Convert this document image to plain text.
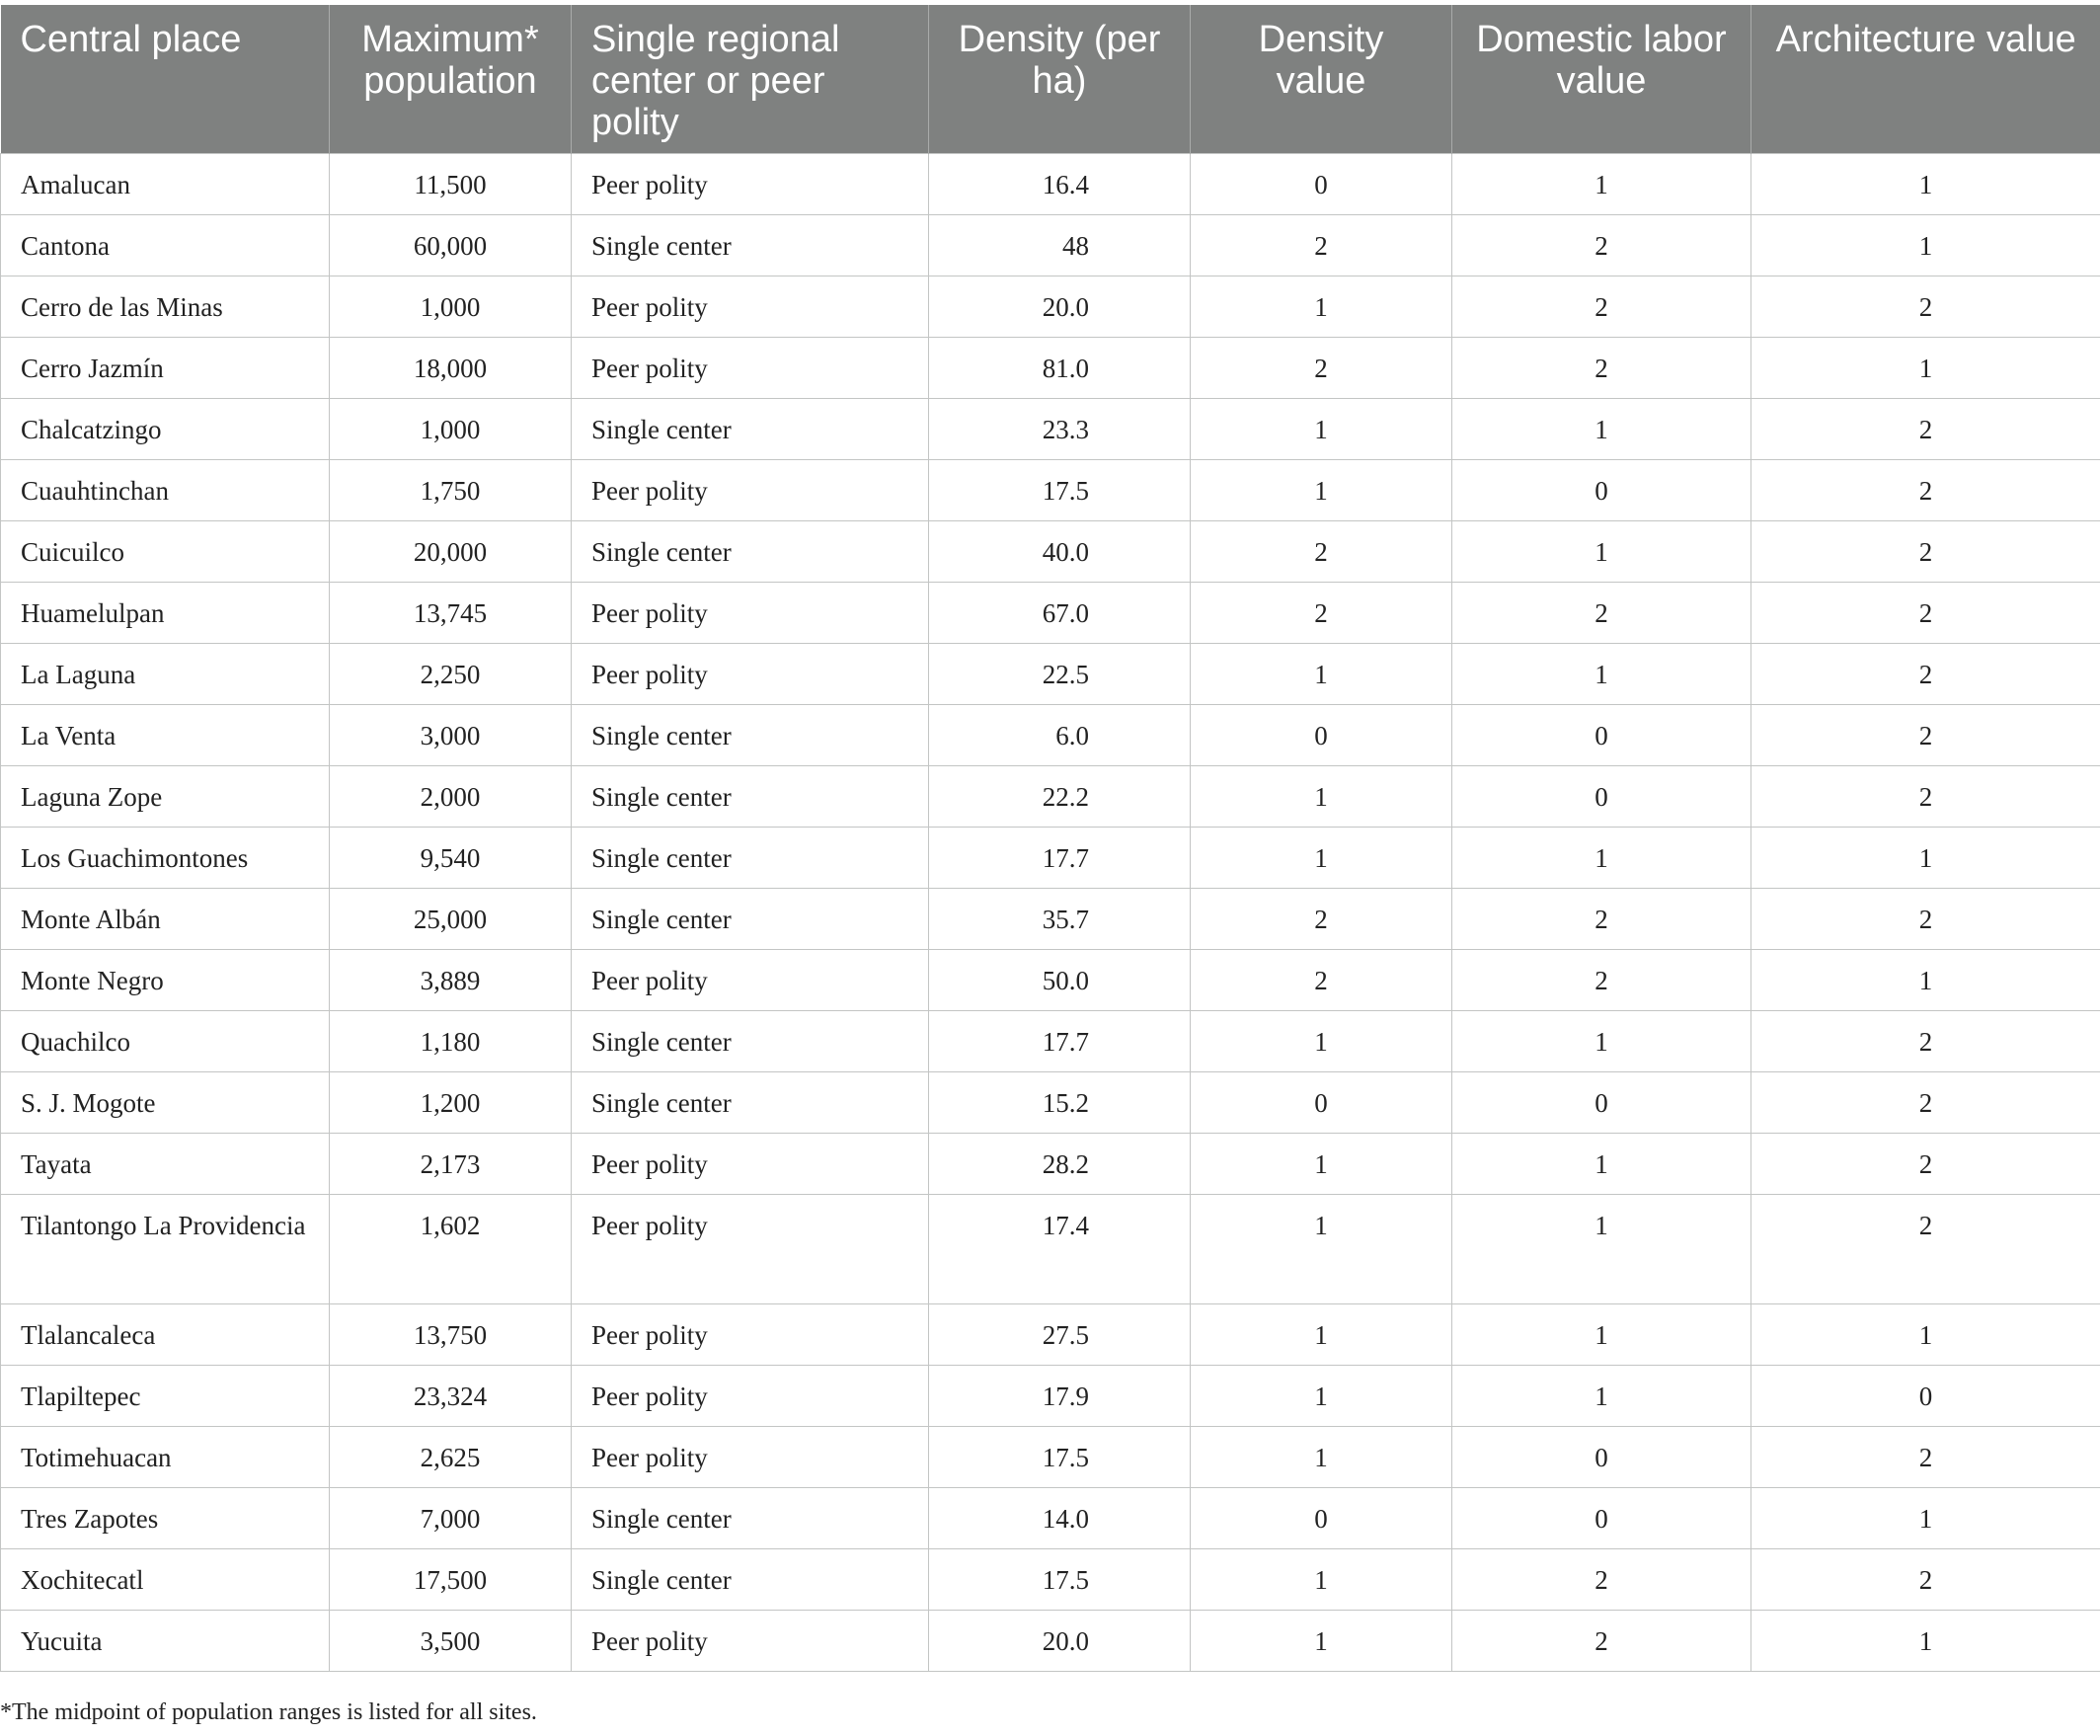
Central place	Maximum* population	Single regional center or peer polity	Density (per ha)	Density value	Domestic labor value	Architecture value
Amalucan	11,500	Peer polity	16.4	0	1	1
Cantona	60,000	Single center	48	2	2	1
Cerro de las Minas	1,000	Peer polity	20.0	1	2	2
Cerro Jazmín	18,000	Peer polity	81.0	2	2	1
Chalcatzingo	1,000	Single center	23.3	1	1	2
Cuauhtinchan	1,750	Peer polity	17.5	1	0	2
Cuicuilco	20,000	Single center	40.0	2	1	2
Huamelulpan	13,745	Peer polity	67.0	2	2	2
La Laguna	2,250	Peer polity	22.5	1	1	2
La Venta	3,000	Single center	6.0	0	0	2
Laguna Zope	2,000	Single center	22.2	1	0	2
Los Guachimontones	9,540	Single center	17.7	1	1	1
Monte Albán	25,000	Single center	35.7	2	2	2
Monte Negro	3,889	Peer polity	50.0	2	2	1
Quachilco	1,180	Single center	17.7	1	1	2
S. J. Mogote	1,200	Single center	15.2	0	0	2
Tayata	2,173	Peer polity	28.2	1	1	2
Tilantongo La Providencia	1,602	Peer polity	17.4	1	1	2
Tlalancaleca	13,750	Peer polity	27.5	1	1	1
Tlapiltepec	23,324	Peer polity	17.9	1	1	0
Totimehuacan	2,625	Peer polity	17.5	1	0	2
Tres Zapotes	7,000	Single center	14.0	0	0	1
Xochitecatl	17,500	Single center	17.5	1	2	2
Yucuita	3,500	Peer polity	20.0	1	2	1
*The midpoint of population ranges is listed for all sites.
